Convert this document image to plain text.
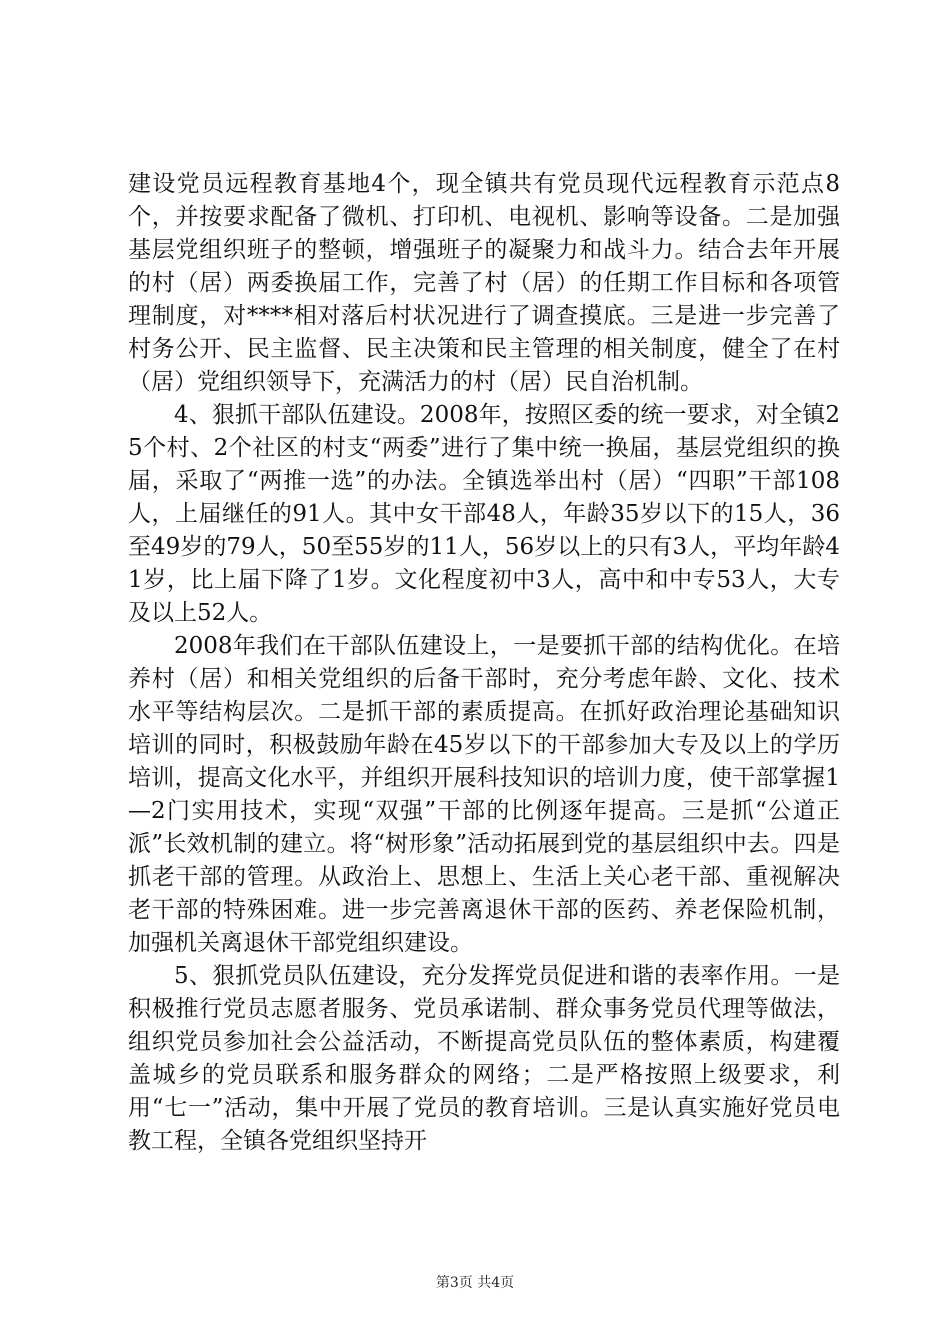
建设党员远程教育基地4个，现全镇共有党员现代远程教育示范点8个，并按要求配备了微机、打印机、电视机、影响等设备。二是加强基层党组织班子的整顿，增强班子的凝聚力和战斗力。结合去年开展的村（居）两委换届工作，完善了村（居）的任期工作目标和各项管理制度，对****相对落后村状况进行了调查摸底。三是进一步完善了村务公开、民主监督、民主决策和民主管理的相关制度，健全了在村（居）党组织领导下，充满活力的村（居）民自治机制。

4、狠抓干部队伍建设。2008年，按照区委的统一要求，对全镇25个村、2个社区的村支“两委”进行了集中统一换届，基层党组织的换届，采取了“两推一选”的办法。全镇选举出村（居）“四职”干部108人，上届继任的91人。其中女干部48人，年龄35岁以下的15人，36至49岁的79人，50至55岁的11人，56岁以上的只有3人，平均年龄41岁，比上届下降了1岁。文化程度初中3人，高中和中专53人，大专及以上52人。

2008年我们在干部队伍建设上，一是要抓干部的结构优化。在培养村（居）和相关党组织的后备干部时，充分考虑年龄、文化、技术水平等结构层次。二是抓干部的素质提高。在抓好政治理论基础知识培训的同时，积极鼓励年龄在45岁以下的干部参加大专及以上的学历培训，提高文化水平，并组织开展科技知识的培训力度，使干部掌握1—2门实用技术，实现“双强”干部的比例逐年提高。三是抓“公道正派”长效机制的建立。将“树形象”活动拓展到党的基层组织中去。四是抓老干部的管理。从政治上、思想上、生活上关心老干部、重视解决老干部的特殊困难。进一步完善离退休干部的医药、养老保险机制，加强机关离退休干部党组织建设。

5、狠抓党员队伍建设，充分发挥党员促进和谐的表率作用。一是积极推行党员志愿者服务、党员承诺制、群众事务党员代理等做法，组织党员参加社会公益活动，不断提高党员队伍的整体素质，构建覆盖城乡的党员联系和服务群众的网络；二是严格按照上级要求，利用“七一”活动，集中开展了党员的教育培训。三是认真实施好党员电教工程，全镇各党组织坚持开

第3页 共4页
